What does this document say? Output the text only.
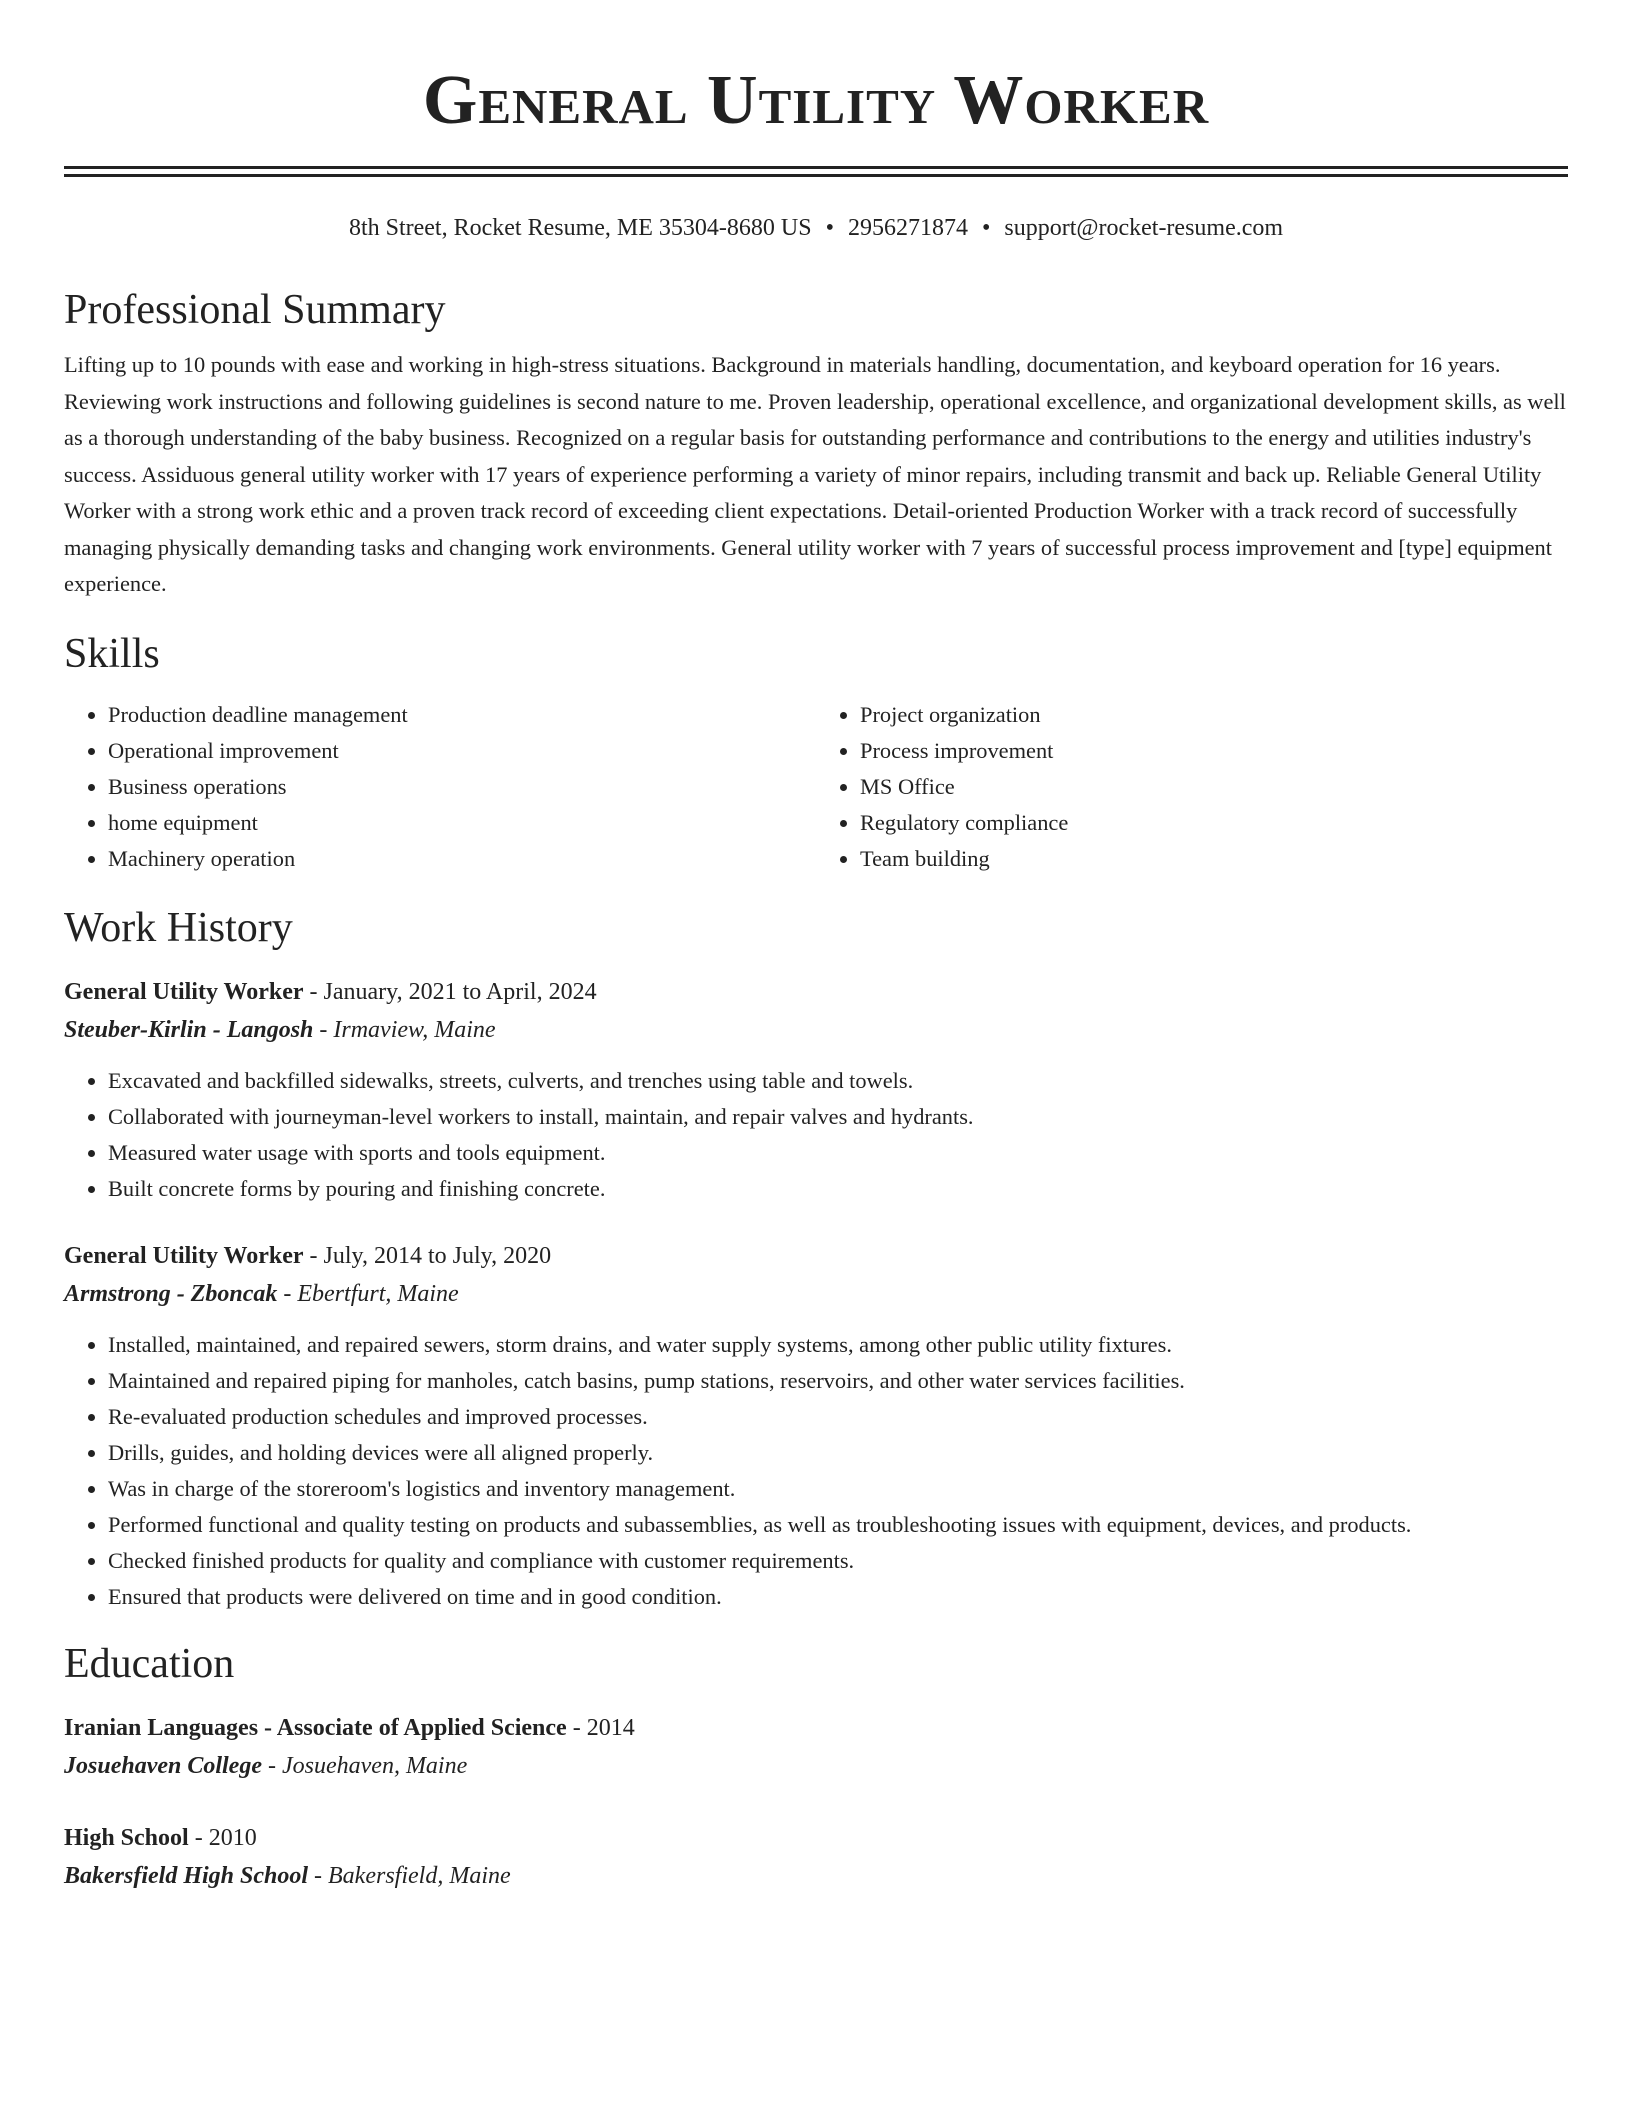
General Utility Worker
8th Street, Rocket Resume, ME 35304-8680 US • 2956271874 • support@rocket-resume.com
Professional Summary

Lifting up to 10 pounds with ease and working in high-stress situations. Background in materials handling, documentation, and keyboard operation for 16 years. Reviewing work instructions and following guidelines is second nature to me. Proven leadership, operational excellence, and organizational development skills, as well as a thorough understanding of the baby business. Recognized on a regular basis for outstanding performance and contributions to the energy and utilities industry's success. Assiduous general utility worker with 17 years of experience performing a variety of minor repairs, including transmit and back up. Reliable General Utility Worker with a strong work ethic and a proven track record of exceeding client expectations. Detail-oriented Production Worker with a track record of successfully managing physically demanding tasks and changing work environments. General utility worker with 7 years of successful process improvement and [type] equipment experience.

Skills
• Production deadline management
• Operational improvement
• Business operations
• home equipment
• Machinery operation
• Project organization
• Process improvement
• MS Office
• Regulatory compliance
• Team building
Work History
General Utility Worker - January, 2021 to April, 2024
Steuber-Kirlin - Langosh - Irmaview, Maine
• Excavated and backfilled sidewalks, streets, culverts, and trenches using table and towels.
• Collaborated with journeyman-level workers to install, maintain, and repair valves and hydrants.
• Measured water usage with sports and tools equipment.
• Built concrete forms by pouring and finishing concrete.
General Utility Worker - July, 2014 to July, 2020
Armstrong - Zboncak - Ebertfurt, Maine
• Installed, maintained, and repaired sewers, storm drains, and water supply systems, among other public utility fixtures.
• Maintained and repaired piping for manholes, catch basins, pump stations, reservoirs, and other water services facilities.
• Re-evaluated production schedules and improved processes.
• Drills, guides, and holding devices were all aligned properly.
• Was in charge of the storeroom's logistics and inventory management.
• Performed functional and quality testing on products and subassemblies, as well as troubleshooting issues with equipment, devices, and products.
• Checked finished products for quality and compliance with customer requirements.
• Ensured that products were delivered on time and in good condition.
Education
Iranian Languages - Associate of Applied Science - 2014
Josuehaven College - Josuehaven, Maine
High School - 2010
Bakersfield High School - Bakersfield, Maine
